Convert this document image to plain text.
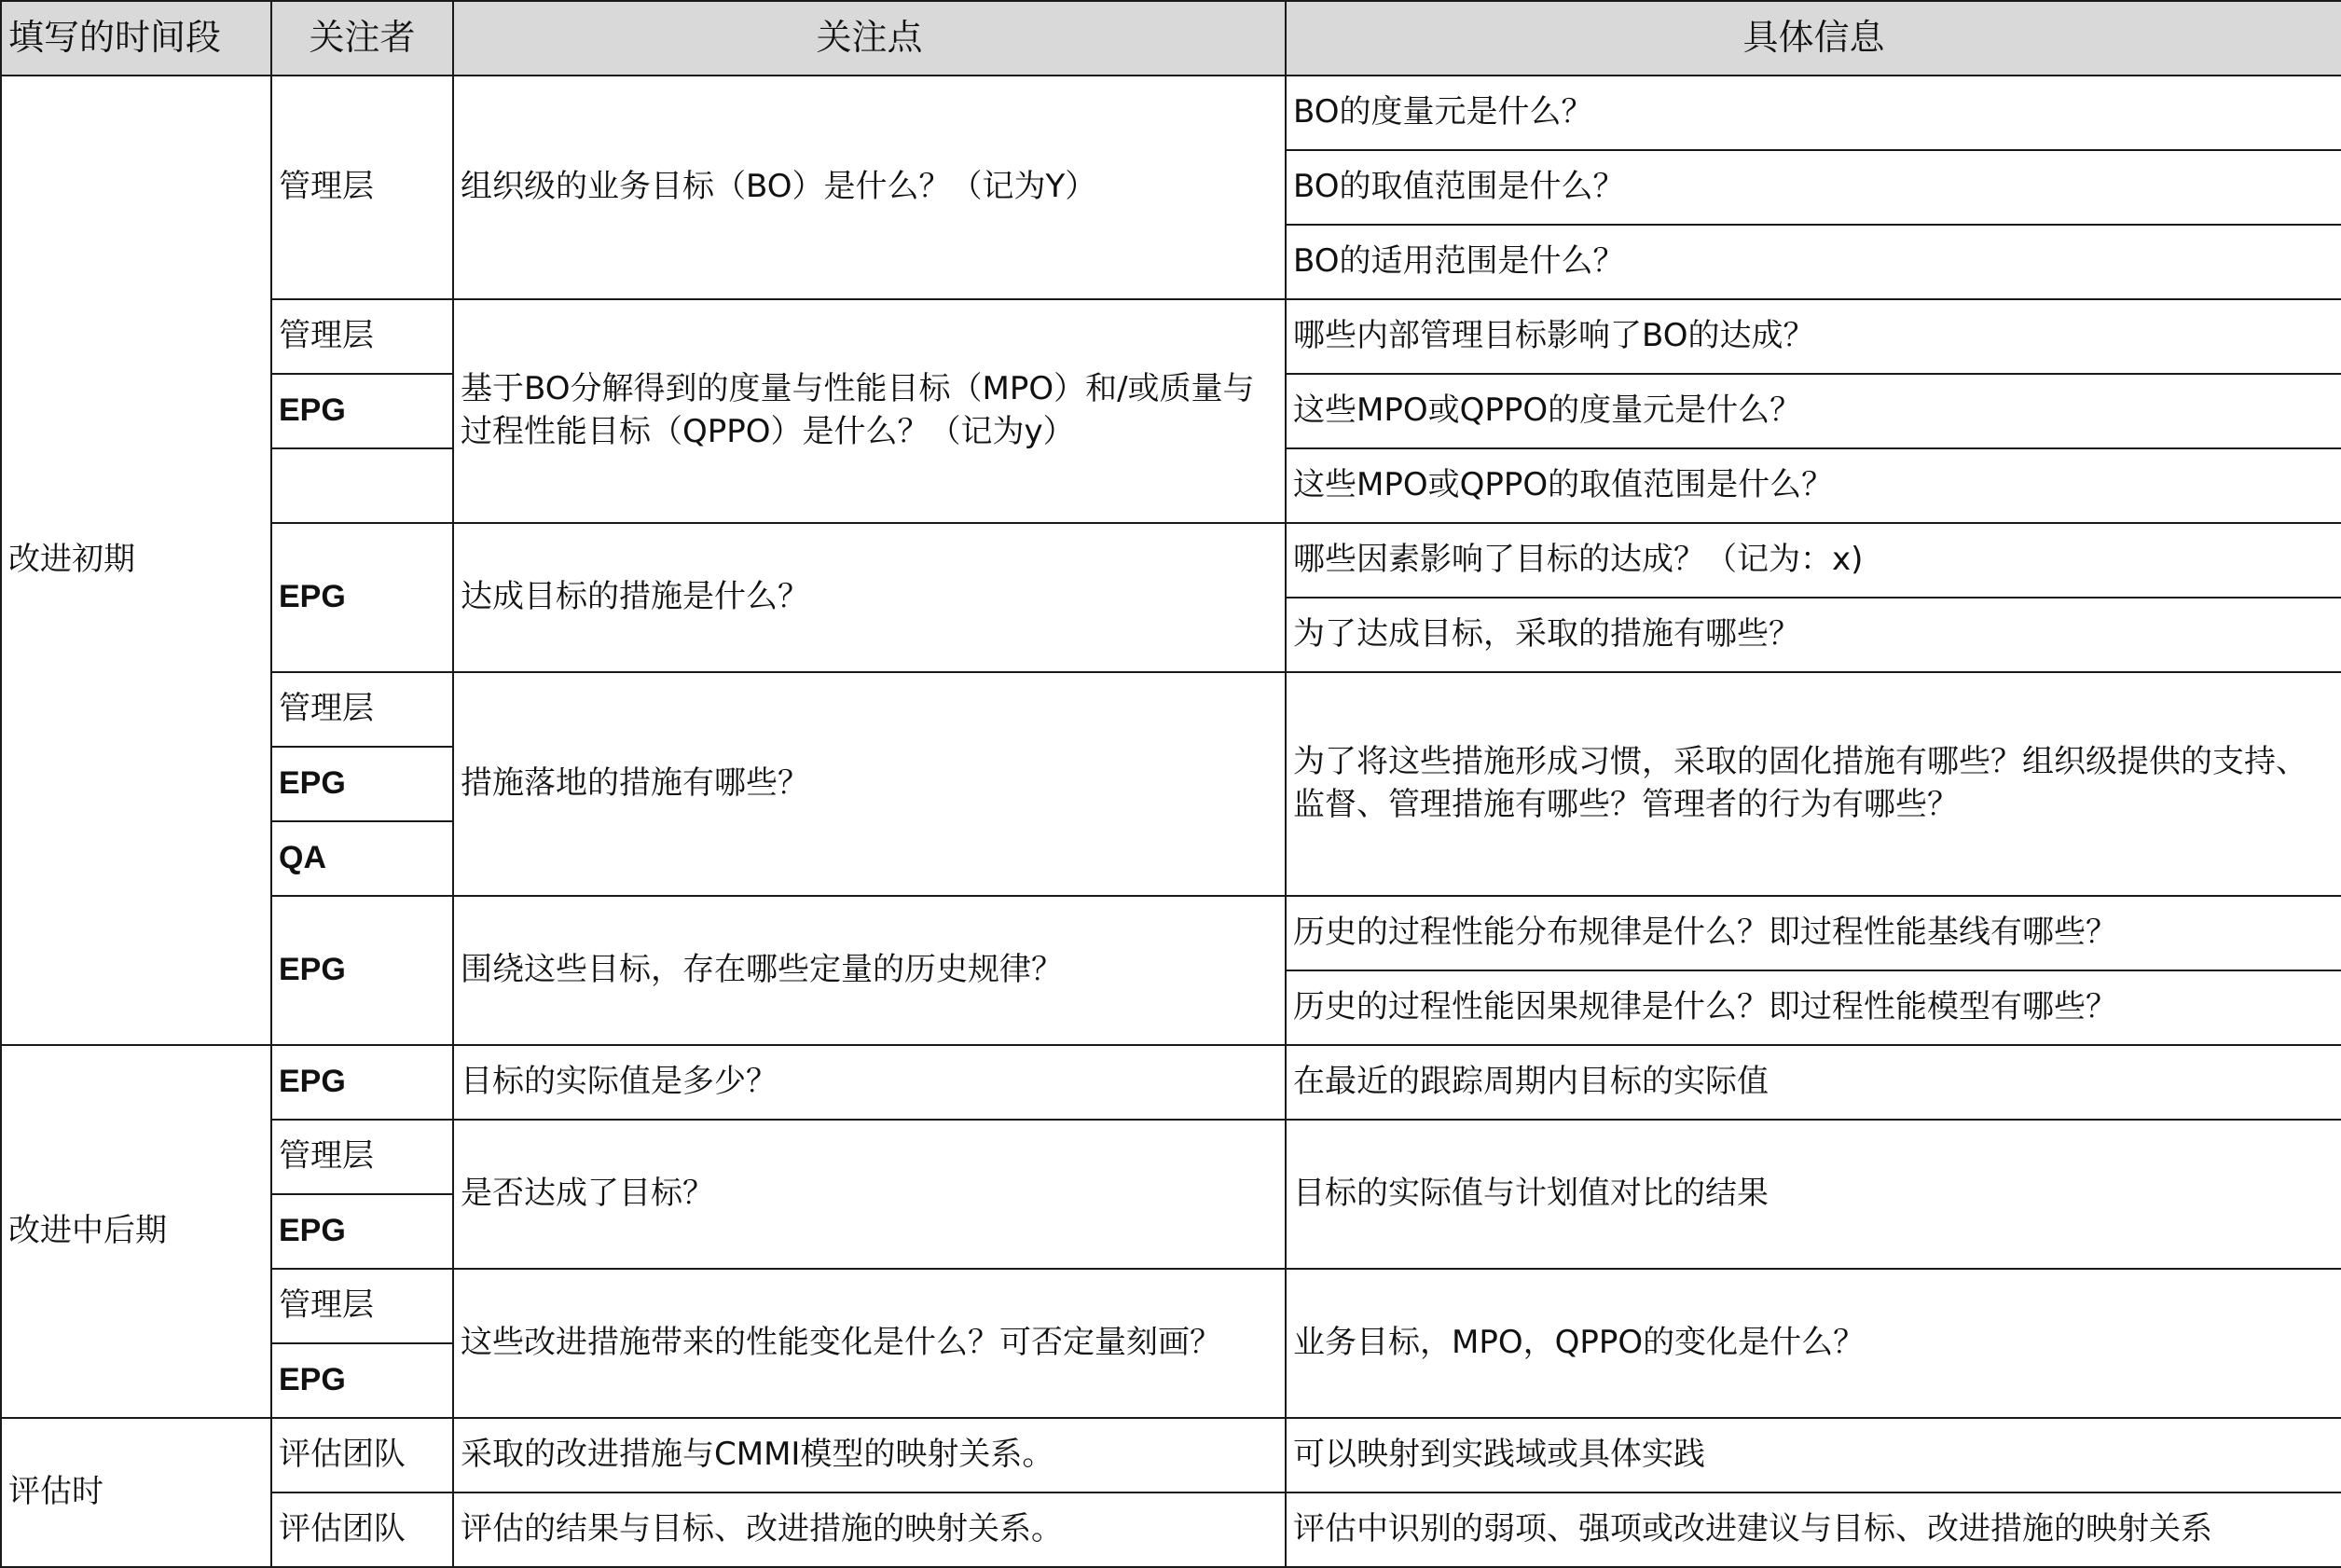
填写的时间段	关注者	关注点	具体信息
改进初期	管理层	组织级的业务目标（BO）是什么？（记为Y）	BO的度量元是什么？
			BO的取值范围是什么？
			BO的适用范围是什么？
	管理层	基于BO分解得到的度量与性能目标（MPO）和/或质量与过程性能目标（QPPO）是什么？（记为y）	哪些内部管理目标影响了BO的达成？
	EPG		这些MPO或QPPO的度量元是什么？
			这些MPO或QPPO的取值范围是什么？
	EPG	达成目标的措施是什么？	哪些因素影响了目标的达成？（记为：x)
			为了达成目标，采取的措施有哪些？
	管理层	措施落地的措施有哪些？	为了将这些措施形成习惯，采取的固化措施有哪些？组织级提供的支持、监督、管理措施有哪些？管理者的行为有哪些？
	EPG		
	QA		
	EPG	围绕这些目标，存在哪些定量的历史规律？	历史的过程性能分布规律是什么？即过程性能基线有哪些？
			历史的过程性能因果规律是什么？即过程性能模型有哪些？
改进中后期	EPG	目标的实际值是多少？	在最近的跟踪周期内目标的实际值
	管理层	是否达成了目标？	目标的实际值与计划值对比的结果
	EPG		
	管理层	这些改进措施带来的性能变化是什么？可否定量刻画？	业务目标，MPO，QPPO的变化是什么？
	EPG		
评估时	评估团队	采取的改进措施与CMMI模型的映射关系。	可以映射到实践域或具体实践
	评估团队	评估的结果与目标、改进措施的映射关系。	评估中识别的弱项、强项或改进建议与目标、改进措施的映射关系
